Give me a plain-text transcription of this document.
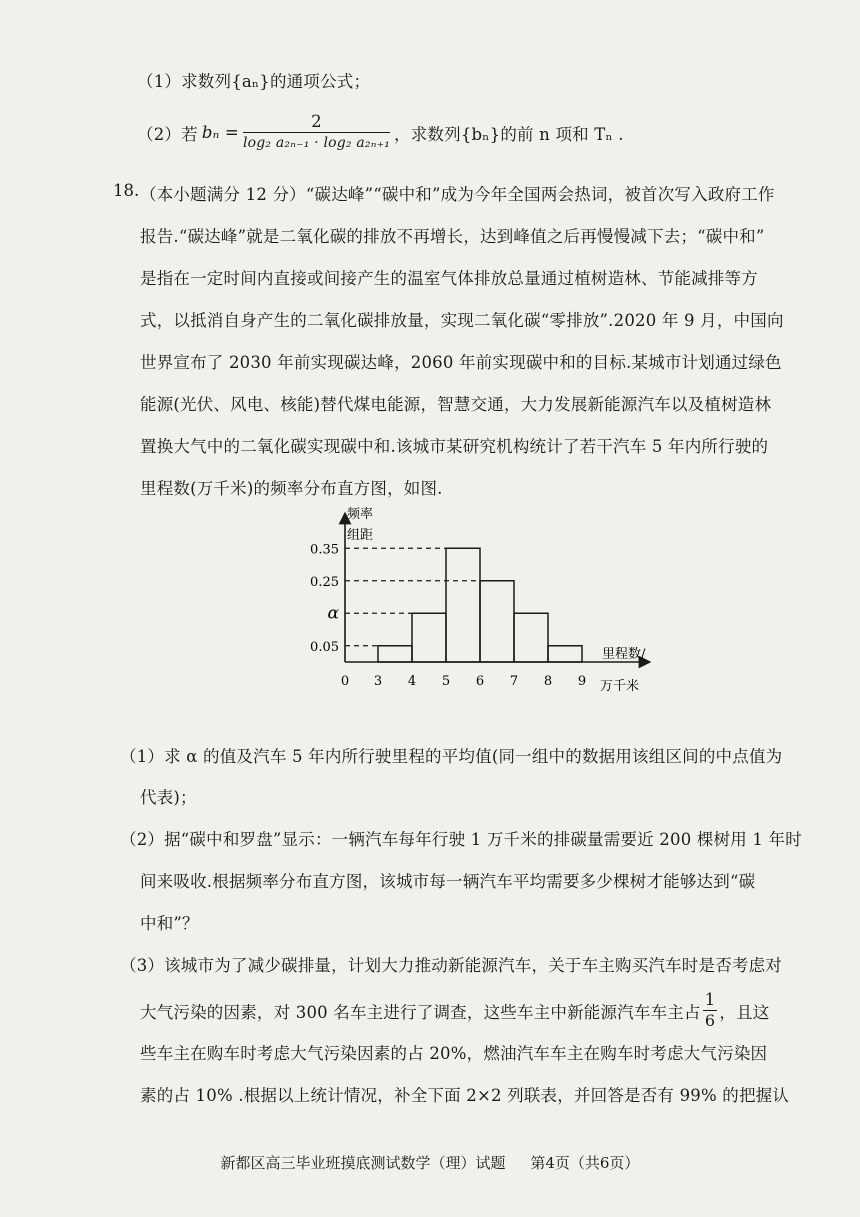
（1）求数列{aₙ}的通项公式；
（2）若 $b_n = \frac{2}{\text{log₂ a₂ₙ₋₁ · log₂ a₂ₙ₊₁}}$ ，求数列{bₙ}的前 n 项和 Tₙ .
18. （本小题满分 12 分）“碳达峰”“碳中和”成为今年全国两会热词，被首次写入政府工作
报告.“碳达峰”就是二氧化碳的排放不再增长，达到峰值之后再慢慢减下去；“碳中和”
是指在一定时间内直接或间接产生的温室气体排放总量通过植树造林、节能减排等方
式，以抵消自身产生的二氧化碳排放量，实现二氧化碳“零排放”.2020 年 9 月，中国向
世界宣布了 2030 年前实现碳达峰，2060 年前实现碳中和的目标.某城市计划通过绿色
能源(光伏、风电、核能)替代煤电能源，智慧交通，大力发展新能源汽车以及植树造林
置换大气中的二氧化碳实现碳中和.该城市某研究机构统计了若干汽车 5 年内所行驶的
里程数(万千米)的频率分布直方图，如图.
频率
组距
0.05
α
0.25
0.35
0 3 4 5 6 7 8 9
里程数/
万千米
（1）求 α 的值及汽车 5 年内所行驶里程的平均值(同一组中的数据用该组区间的中点值为
代表)；
（2）据“碳中和罗盘”显示：一辆汽车每年行驶 1 万千米的排碳量需要近 200 棵树用 1 年时
间来吸收.根据频率分布直方图，该城市每一辆汽车平均需要多少棵树才能够达到“碳
中和”？
（3）该城市为了减少碳排量，计划大力推动新能源汽车，关于车主购买汽车时是否考虑对
大气污染的因素，对 300 名车主进行了调查，这些车主中新能源汽车车主占 $\frac{1}{6}$ ，且这
些车主在购车时考虑大气污染因素的占 20%，燃油汽车车主在购车时考虑大气污染因
素的占 10% .根据以上统计情况，补全下面 2×2 列联表，并回答是否有 99% 的把握认
新都区高三毕业班摸底测试数学（理）试题 第4页（共6页）
